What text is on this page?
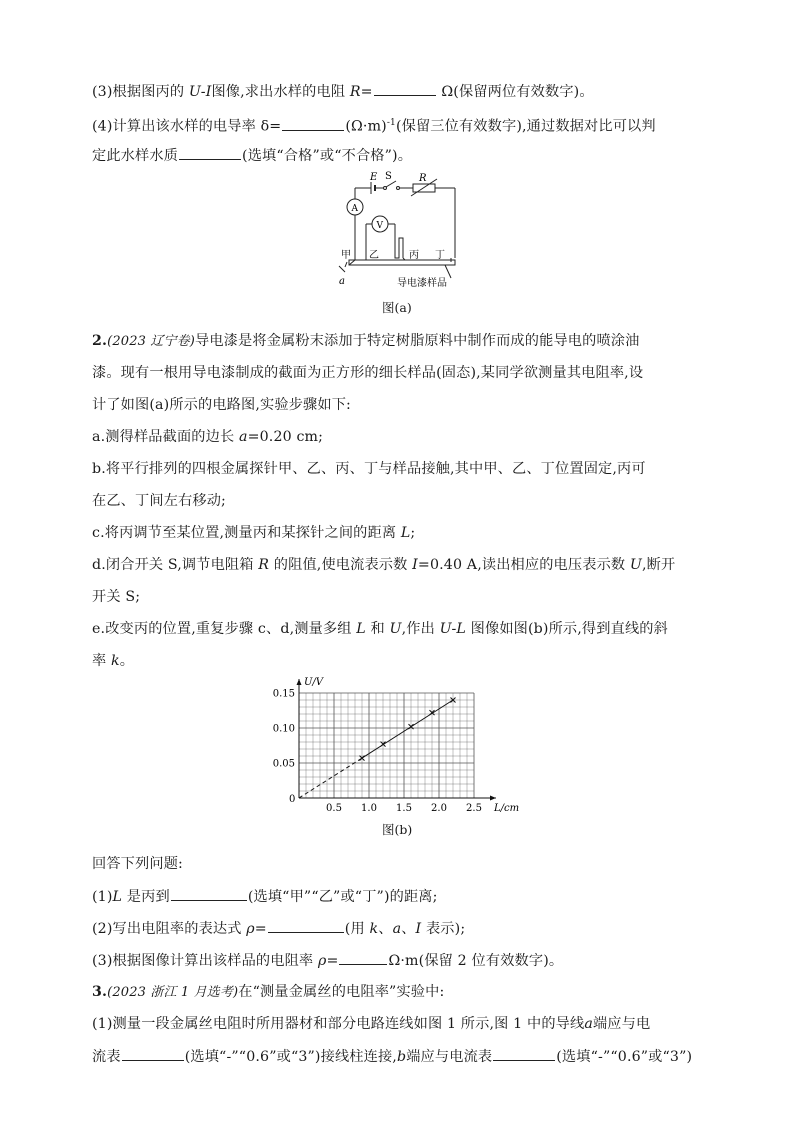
(3)根据图丙的 U-I图像,求出水样的电阻 R=	Ω(保留两位有效数字)。
(4)计算出该水样的电导率 δ=	$(\Omega\cdot m)^{-1}$(保留三位有效数字),通过数据对比可以判
定此水样水质	(选填“合格”或“不合格”)。
E S	R
A
V
甲 乙	丙 丁
a	导电漆样品
图(a)
2.(2023 辽宁卷)导电漆是将金属粉末添加于特定树脂原料中制作而成的能导电的喷涂油
漆。现有一根用导电漆制成的截面为正方形的细长样品(固态),某同学欲测量其电阻率,设
计了如图(a)所示的电路图,实验步骤如下:
a.测得样品截面的边长 a=0.20 cm;
b.将平行排列的四根金属探针甲、乙、丙、丁与样品接触,其中甲、乙、丁位置固定,丙可
在乙、丁间左右移动;
c.将丙调节至某位置,测量丙和某探针之间的距离 L;
d.闭合开关 S,调节电阻箱 R 的阻值,使电流表示数 I=0.40 A,读出相应的电压表示数 U,断开
开关 S;
e.改变丙的位置,重复步骤 c、d,测量多组 L 和 U,作出 U-L 图像如图(b)所示,得到直线的斜
率 k。
U/V
L/cm
0
0.5 1.0 1.5 2.0 2.5
0.05
0.10
0.15
图(b)
回答下列问题:
(1)L 是丙到	(选填“甲”“乙”或“丁”)的距离;
(2)写出电阻率的表达式 ρ=	(用 k、a、I 表示);
(3)根据图像计算出该样品的电阻率 ρ=	Ω·m(保留 2 位有效数字)。
3.(2023 浙江 1 月选考)在“测量金属丝的电阻率”实验中:
(1)测量一段金属丝电阻时所用器材和部分电路连线如图 1 所示,图 1 中的导线a端应与电
流表	(选填“-”“0.6”或“3”)接线柱连接,b端应与电流表	(选填“-”“0.6”或“3”)
